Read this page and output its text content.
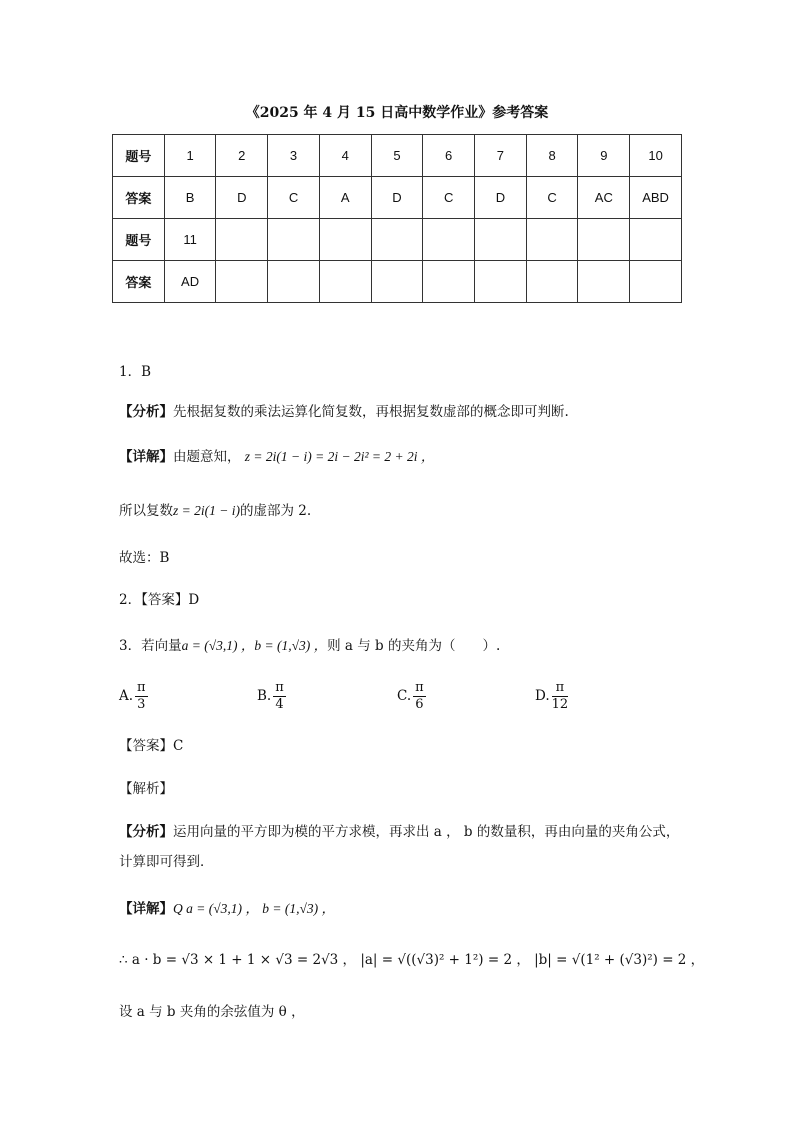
《2025 年 4 月 15 日高中数学作业》参考答案
题号	1	2	3	4	5	6	7	8	9	10
答案	B	D	C	A	D	C	D	C	AC	ABD
题号	11									
答案	AD									
1．B
【分析】先根据复数的乘法运算化简复数，再根据复数虚部的概念即可判断.
【详解】由题意知， z = 2i(1 − i) = 2i − 2i² = 2 + 2i ，
所以复数z = 2i(1 − i)的虚部为 2.
故选：B
2．【答案】D
3．若向量a = (√3,1) ，b = (1,√3) ，则 a 与 b 的夹角为（　　）.
A. $\frac{\pi}{3}$	B. $\frac{\pi}{4}$	C. $\frac{\pi}{6}$	D. $\frac{\pi}{12}$
【答案】C
【解析】
【分析】运用向量的平方即为模的平方求模，再求出 a ， b 的数量积，再由向量的夹角公式，
计算即可得到．
【详解】Q a = (√3,1) ， b = (1,√3) ，
∴ a · b = √3 × 1 + 1 × √3 = 2√3 ， |a| = √((√3)² + 1²) = 2 ， |b| = √(1² + (√3)²) = 2 ，
设 a 与 b 夹角的余弦值为 θ ，
